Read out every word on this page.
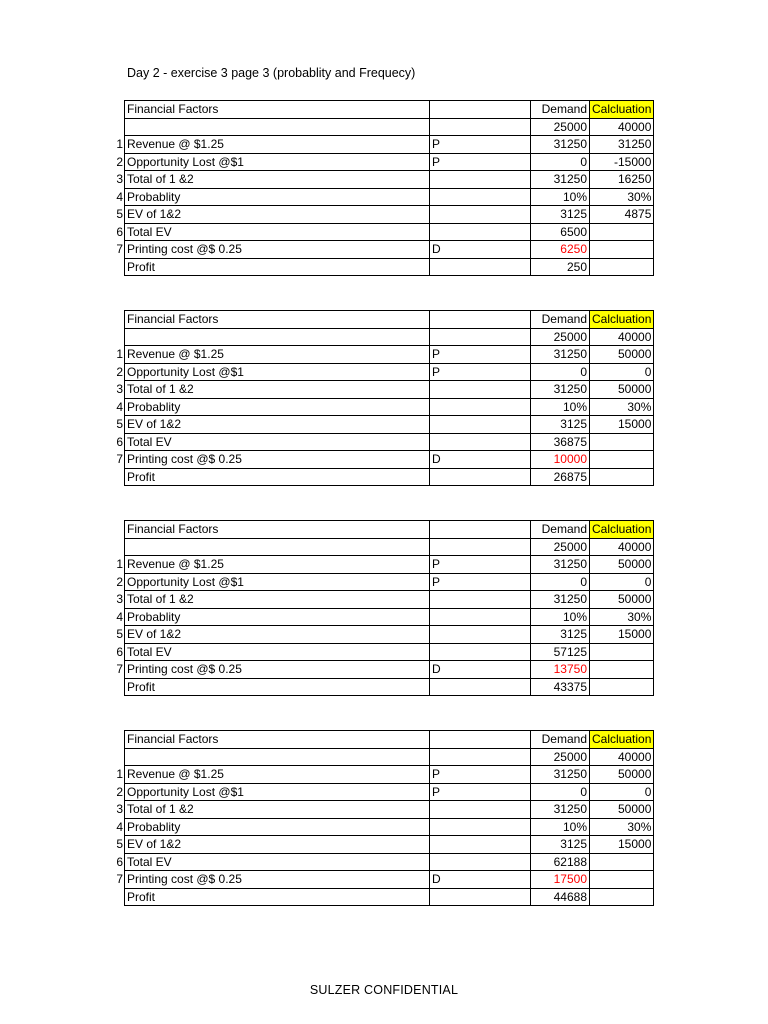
Day 2 - exercise 3 page 3 (probablity and Frequecy)
	Financial Factors		Demand	Calcluation
			25000	40000
1	Revenue @ $1.25	P	31250	31250
2	Opportunity Lost @$1	P	0	-15000
3	Total of 1 &2		31250	16250
4	Probablity		10%	30%
5	EV of 1&2		3125	4875
6	Total EV		6500	
7	Printing cost @$ 0.25	D	6250	
	Profit		250	
	Financial Factors		Demand	Calcluation
			25000	40000
1	Revenue @ $1.25	P	31250	50000
2	Opportunity Lost @$1	P	0	0
3	Total of 1 &2		31250	50000
4	Probablity		10%	30%
5	EV of 1&2		3125	15000
6	Total EV		36875	
7	Printing cost @$ 0.25	D	10000	
	Profit		26875	
	Financial Factors		Demand	Calcluation
			25000	40000
1	Revenue @ $1.25	P	31250	50000
2	Opportunity Lost @$1	P	0	0
3	Total of 1 &2		31250	50000
4	Probablity		10%	30%
5	EV of 1&2		3125	15000
6	Total EV		57125	
7	Printing cost @$ 0.25	D	13750	
	Profit		43375	
	Financial Factors		Demand	Calcluation
			25000	40000
1	Revenue @ $1.25	P	31250	50000
2	Opportunity Lost @$1	P	0	0
3	Total of 1 &2		31250	50000
4	Probablity		10%	30%
5	EV of 1&2		3125	15000
6	Total EV		62188	
7	Printing cost @$ 0.25	D	17500	
	Profit		44688	
SULZER CONFIDENTIAL
